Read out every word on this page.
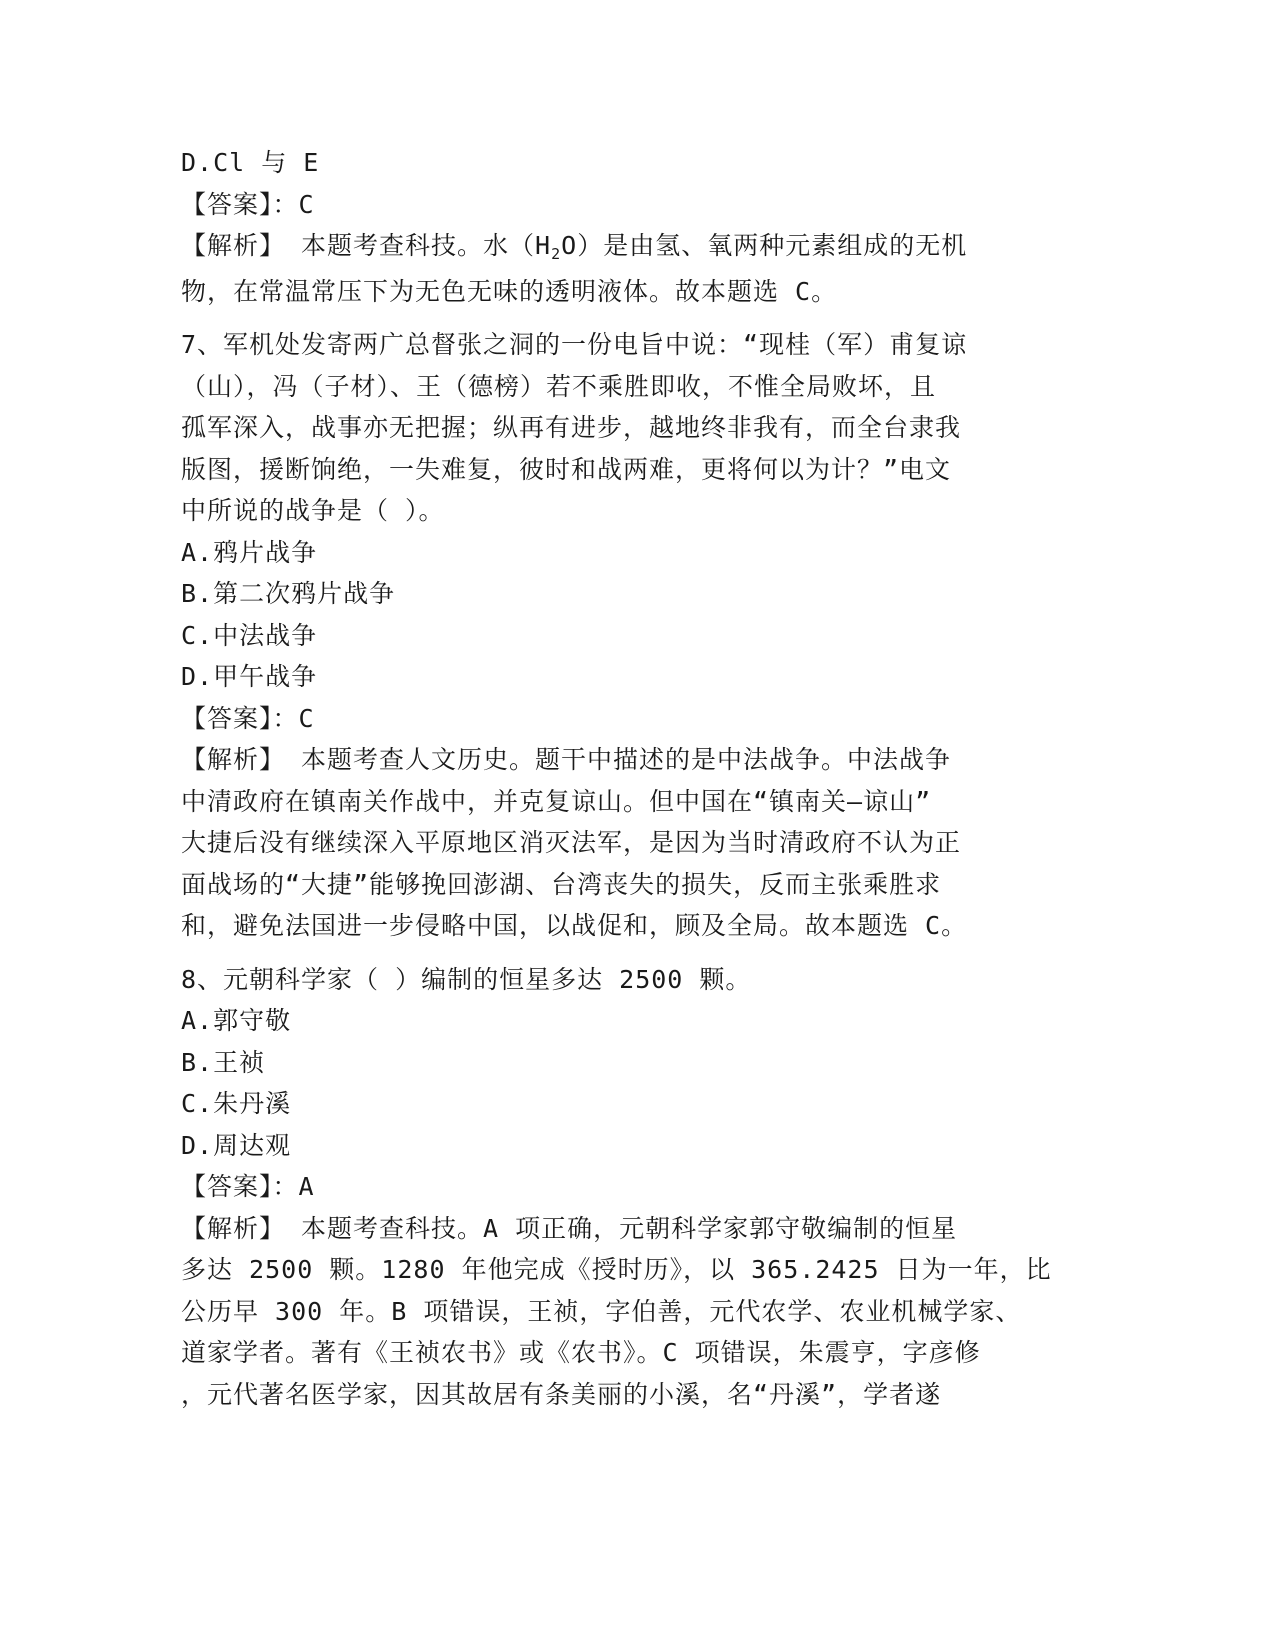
D.Cl 与 E
【答案】：C
【解析】 本题考查科技。水$(H_2O)$是由氢、氧两种元素组成的无机
物，在常温常压下为无色无味的透明液体。故本题选 C。
7、军机处发寄两广总督张之洞的一份电旨中说：“现桂（军）甫复谅
（山），冯（子材）、王（德榜）若不乘胜即收，不惟全局败坏，且
孤军深入，战事亦无把握；纵再有进步，越地终非我有，而全台隶我
版图，援断饷绝，一失难复，彼时和战两难，更将何以为计？”电文
中所说的战争是（ ）。
A.鸦片战争
B.第二次鸦片战争
C.中法战争
D.甲午战争
【答案】：C
【解析】 本题考查人文历史。题干中描述的是中法战争。中法战争
中清政府在镇南关作战中，并克复谅山。但中国在“镇南关—谅山”
大捷后没有继续深入平原地区消灭法军，是因为当时清政府不认为正
面战场的“大捷”能够挽回澎湖、台湾丧失的损失，反而主张乘胜求
和，避免法国进一步侵略中国，以战促和，顾及全局。故本题选 C。
8、元朝科学家（ ）编制的恒星多达 2500 颗。
A.郭守敬
B.王祯
C.朱丹溪
D.周达观
【答案】：A
【解析】 本题考查科技。A 项正确，元朝科学家郭守敬编制的恒星
多达 2500 颗。1280 年他完成《授时历》，以 365.2425 日为一年，比
公历早 300 年。B 项错误，王祯，字伯善，元代农学、农业机械学家、
道家学者。著有《王祯农书》或《农书》。C 项错误，朱震亨，字彦修
，元代著名医学家，因其故居有条美丽的小溪，名“丹溪”，学者遂
